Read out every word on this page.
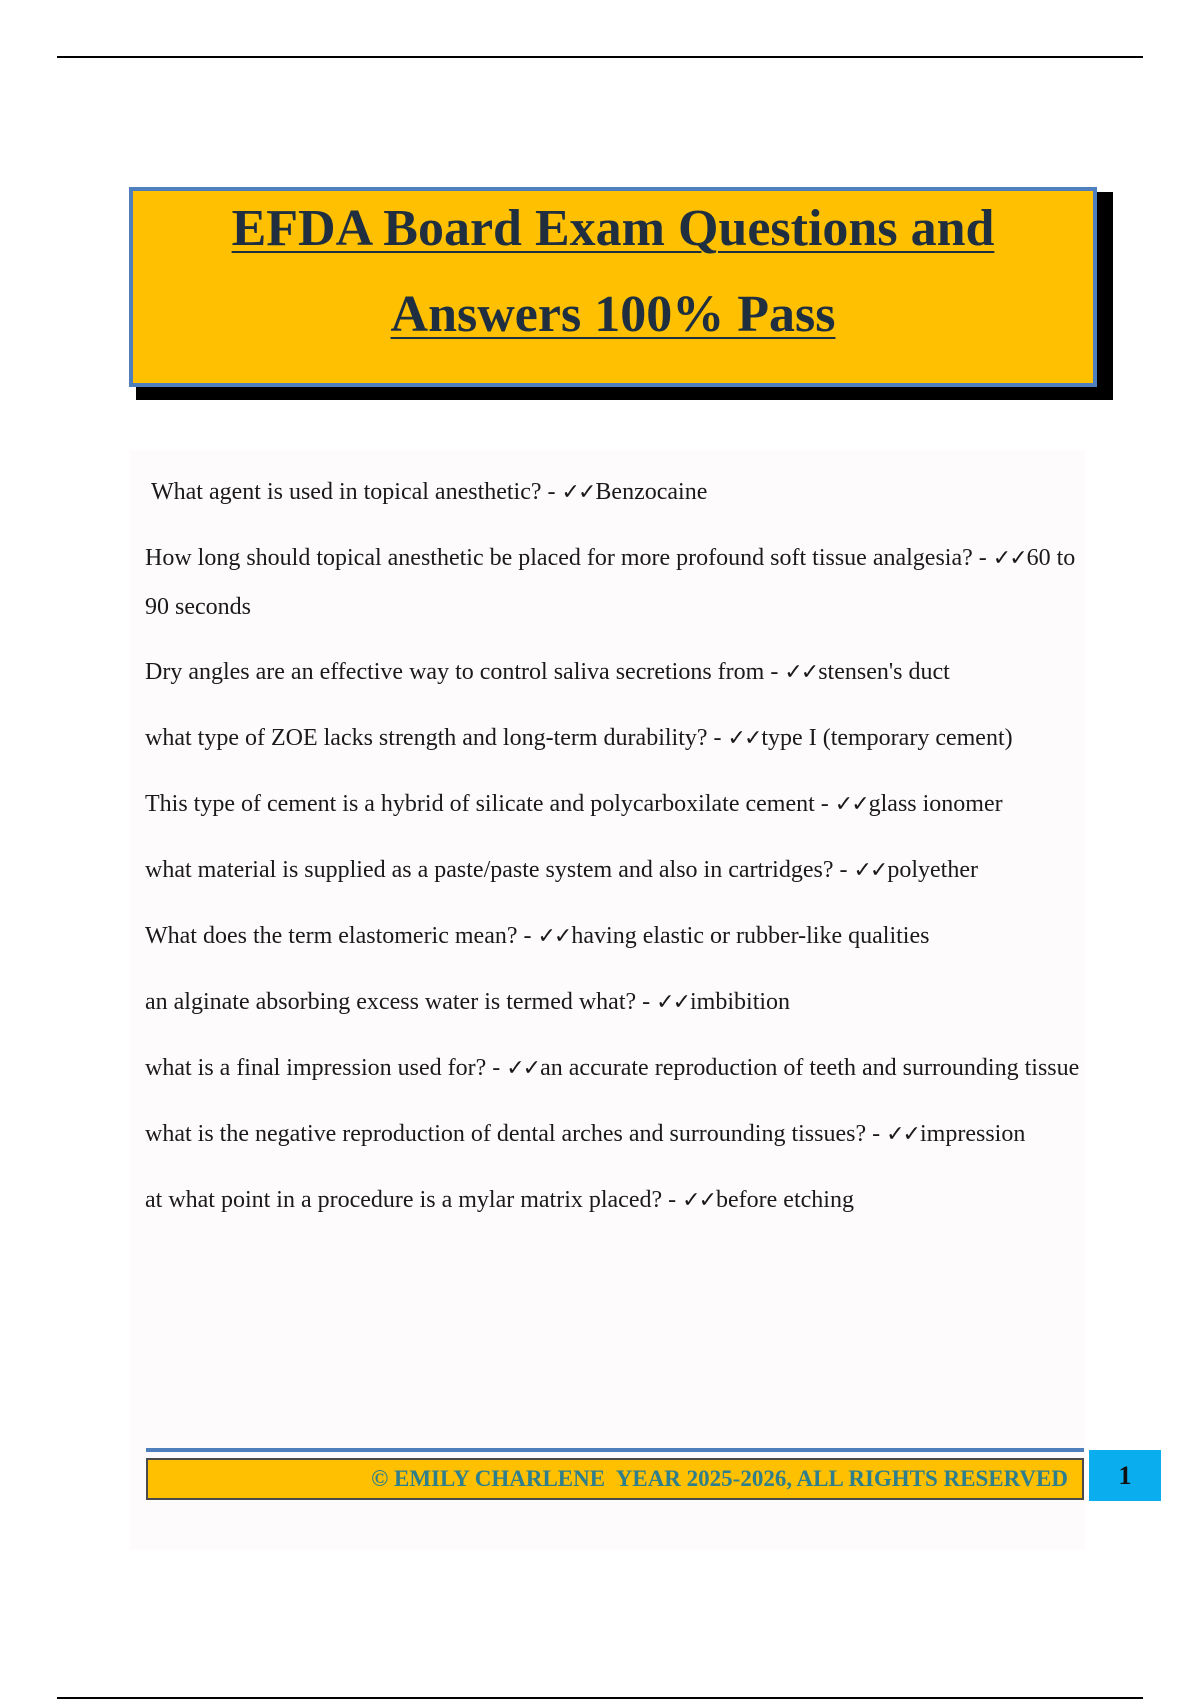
EFDA Board Exam Questions and
Answers 100% Pass
What agent is used in topical anesthetic? - ✓✓Benzocaine
How long should topical anesthetic be placed for more profound soft tissue analgesia? - ✓✓60 to 90 seconds
Dry angles are an effective way to control saliva secretions from - ✓✓stensen's duct
what type of ZOE lacks strength and long-term durability? - ✓✓type I (temporary cement)
This type of cement is a hybrid of silicate and polycarboxilate cement - ✓✓glass ionomer
what material is supplied as a paste/paste system and also in cartridges? - ✓✓polyether
What does the term elastomeric mean? - ✓✓having elastic or rubber-like qualities
an alginate absorbing excess water is termed what? - ✓✓imbibition
what is a final impression used for? - ✓✓an accurate reproduction of teeth and surrounding tissue
what is the negative reproduction of dental arches and surrounding tissues? - ✓✓impression
at what point in a procedure is a mylar matrix placed? - ✓✓before etching
© EMILY CHARLENE  YEAR 2025-2026, ALL RIGHTS RESERVED	1
